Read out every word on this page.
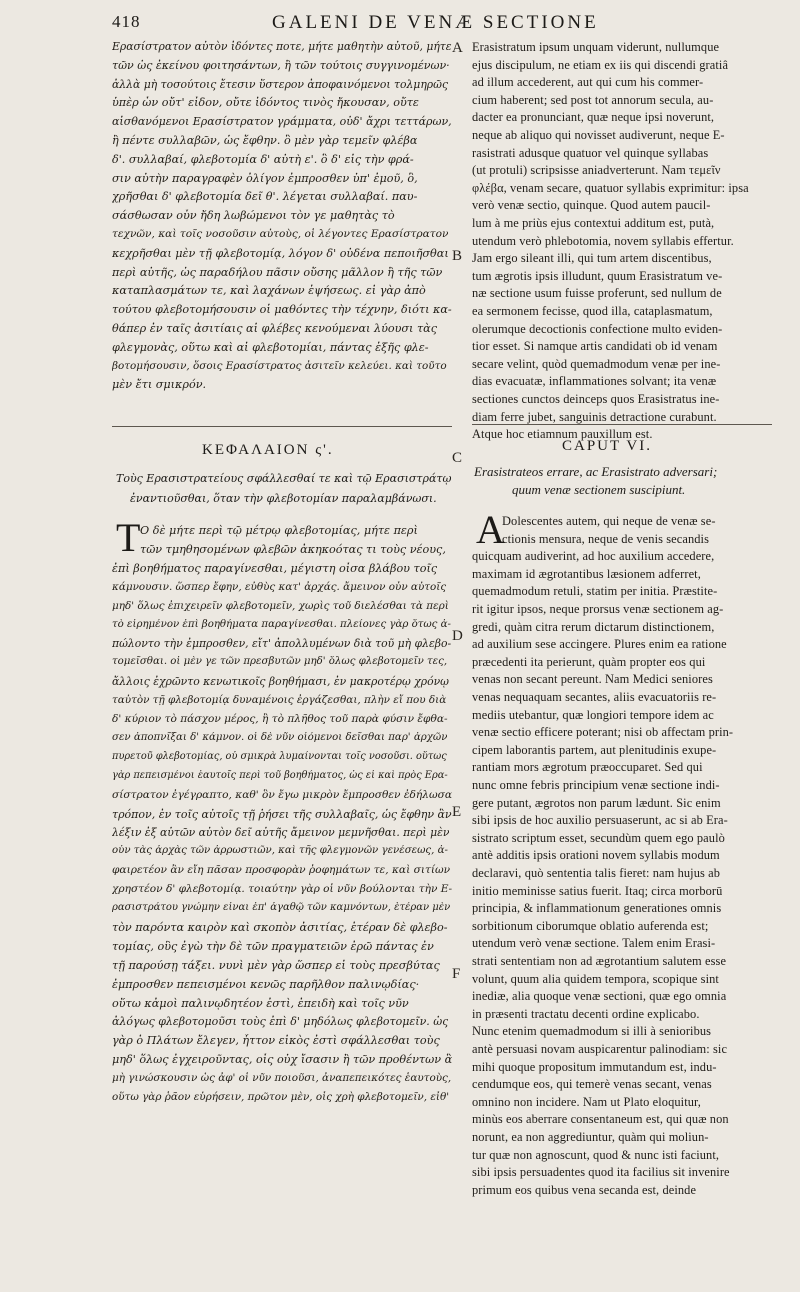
418	GALENI DE VENÆ SECTIONE
Ερασίστρατον αὐτὸν ἰδόντες ποτε, μήτε μαθητὴν αὐτοῦ, μήτε
τῶν ὡς ἐκείνου φοιτησάντων, ἢ τῶν τούτοις συγγινομένων·
ἀλλὰ μὴ τοσούτοις ἔτεσιν ὕστερον ἀποφαινόμενοι τολμηρῶς
ὑπὲρ ὧν οὔτ' εἶδον, οὔτε ἰδόντος τινὸς ἤκουσαν, οὔτε
αἰσθανόμενοι Ερασίστρατον γράμματα, οὐδ' ἄχρι τεττάρων,
ἢ πέντε συλλαβῶν, ὡς ἔφθην. ὃ μὲν γὰρ τεμεῖν φλέβα
δ'. συλλαβαί, φλεβοτομία δ' αὐτὴ ε'. ὃ δ' εἰς τὴν φρά-
σιν αὐτὴν παραγραφὲν ὀλίγον ἐμπροσθεν ὑπ' ἐμοῦ, ὃ,
χρῆσθαι δ' φλεβοτομία δεῖ θ'. λέγεται συλλαβαί. παυ-
σάσθωσαν οὖν ἤδη λωβώμενοι τὸν γε μαθητὰς τὸ
τεχνῶν, καὶ τοῖς νοσοῦσιν αὐτοὺς, οἱ λέγοντες Ερασίστρατον
κεχρῆσθαι μὲν τῇ φλεβοτομίᾳ, λόγον δ' οὐδένα πεποιῆσθαι
περὶ αὐτῆς, ὡς παραδήλου πᾶσιν οὔσης μᾶλλον ἢ τῆς τῶν
καταπλασμάτων τε, καὶ λαχάνων ἑψήσεως. εἰ γὰρ ἀπὸ
τούτου φλεβοτομήσουσιν οἱ μαθόντες τὴν τέχνην, διότι κα-
θάπερ ἐν ταῖς ἀσιτίαις αἱ φλέβες κενούμεναι λύουσι τὰς
φλεγμονὰς, οὕτω καὶ αἱ φλεβοτομίαι, πάντας ἑξῆς φλε-
βοτομήσουσιν, ὅσοις Ερασίστρατος ἀσιτεῖν κελεύει. καὶ τοῦτο
μὲν ἔτι σμικρόν.
ΚΕΦΑΛΑΙΟΝ ς'.
Τοὺς Ερασιστρατείους σφάλλεσθαί τε καὶ τῷ Ερασιστράτῳ
ἐναντιοῦσθαι, ὅταν τὴν φλεβοτομίαν παραλαμβάνωσι.
Τ Ο δὲ μήτε περὶ τῷ μέτρῳ φλεβοτομίας, μήτε περὶ
τῶν τμηθησομένων φλεβῶν ἀκηκοότας τι τοὺς νέους,
ἐπὶ βοηθήματος παραγίνεσθαι, μέγιστη οἶσα βλάβου τοῖς
κάμνουσιν. ὥσπερ ἔφην, εὐθὺς κατ' ἀρχάς. ἄμεινον οὖν αὐτοῖς
μηδ' ὅλως ἐπιχειρεῖν φλεβοτομεῖν, χωρὶς τοῦ διελέσθαι τὰ περὶ
τὸ εἰρημένον ἐπὶ βοηθήματα παραγίνεσθαι. πλείονες γὰρ ὅτως ἀ-
πώλοντο τὴν ἐμπροσθεν, εἴτ' ἀπολλυμένων διὰ τοῦ μὴ φλεβο-
τομεῖσθαι. οἱ μὲν γε τῶν πρεσβυτῶν μηδ' ὅλως φλεβοτομεῖν τες,
ἄλλοις ἐχρῶντο κενωτικοῖς βοηθήμασι, ἐν μακροτέρῳ χρόνῳ
ταὐτὸν τῇ φλεβοτομίᾳ δυναμένοις ἐργάζεσθαι, πλὴν εἴ που διὰ
δ' κύριον τὸ πάσχον μέρος, ἢ τὸ πλῆθος τοῦ παρὰ φύσιν ἔφθα-
σεν ἀποπνῖξαι δ' κάμνον. οἱ δὲ νῦν οἰόμενοι δεῖσθαι παρ' ἀρχῶν
πυρετοῦ φλεβοτομίας, οὐ σμικρὰ λυμαίνονται τοῖς νοσοῦσι. οὕτως
γὰρ πεπεισμένοι ἑαυτοῖς περὶ τοῦ βοηθήματος, ὡς εἰ καὶ πρὸς Ερα-
σίστρατον ἐγέγραπτο, καθ' ὃν ἔγω μικρὸν ἔμπροσθεν ἐδήλωσα
τρόπον, ἐν τοῖς αὐτοῖς τῇ ῥήσει τῆς συλλαβαῖς, ὡς ἔφθην ἂν
λέξιν ἐξ αὐτῶν αὐτὸν δεῖ αὐτῆς ἄμεινον μεμνῆσθαι. περὶ μὲν
οὖν τὰς ἀρχὰς τῶν ἀρρωστιῶν, καὶ τῆς φλεγμονῶν γενέσεως, ἀ-
φαιρετέον ἂν εἴη πᾶσαν προσφορὰν ῥοφημάτων τε, καὶ σιτίων
χρηστέον δ' φλεβοτομίᾳ. τοιαύτην γὰρ οἱ νῦν βούλονται τὴν Ε-
ρασιστράτου γνώμην εἶναι ἐπ' ἀγαθῷ τῶν καμνόντων, ἑτέραν μὲν
τὸν παρόντα καιρὸν καὶ σκοπὸν ἀσιτίας, ἑτέραν δὲ φλεβο-
τομίας, οὓς ἐγὼ τὴν δὲ τῶν πραγματειῶν ἐρῶ πάντας ἐν
τῇ παρούσῃ τάξει. νυνὶ μὲν γὰρ ὥσπερ εἰ τοὺς πρεσβύτας
ἐμπροσθεν πεπεισμένοι κενῶς παρῆλθον παλινῳδίας·
οὕτω κἀμοὶ παλινῳδητέον ἐστὶ, ἐπειδὴ καὶ τοῖς νῦν
ἀλόγως φλεβοτομοῦσι τοὺς ἐπὶ δ' μηδόλως φλεβοτομεῖν. ὡς
γὰρ ὁ Πλάτων ἔλεγεν, ἧττον εἰκὸς ἐστὶ σφάλλεσθαι τοὺς
μηδ' ὅλως ἐγχειροῦντας, οἷς οὐχ ἴσασιν ἢ τῶν προθέντων ἃ
μὴ γινώσκουσιν ὡς ἀφ' οἱ νῦν ποιοῦσι, ἀναπεπεικότες ἑαυτοὺς,
οὕτω γὰρ ῥᾶον εὑρήσειν, πρῶτον μὲν, οἷς χρὴ φλεβοτομεῖν, εἶθ'
A
B
C
D
E
F
Erasistratum ipsum unquam viderunt, nullumque
ejus discipulum, ne etiam ex iis qui discendi gratiâ
ad illum accederent, aut qui cum his commer-
cium haberent; sed post tot annorum secula, au-
dacter ea pronunciant, quæ neque ipsi noverunt,
neque ab aliquo qui novisset audiverunt, neque E-
rasistrati adusque quatuor vel quinque syllabas
(ut protuli) scripsisse aniadverterunt. Nam τεμεῖν
φλέβα, venam secare, quatuor syllabis exprimitur: ipsa
verò venæ sectio, quinque. Quod autem paucil-
lum à me priùs ejus contextui additum est, putà,
utendum verò phlebotomia, novem syllabis effertur.
Jam ergo sileant illi, qui tum artem discentibus,
tum ægrotis ipsis illudunt, quum Erasistratum ve-
næ sectione usum fuisse proferunt, sed nullum de
ea sermonem fecisse, quod illa, cataplasmatum,
olerumque decoctionis confectione multo eviden-
tior esset. Si namque artis candidati ob id venam
secare velint, quòd quemadmodum venæ per ine-
dias evacuatæ, inflammationes solvant; ita venæ
sectiones cunctos deinceps quos Erasistratus ine-
diam ferre jubet, sanguinis detractione curabunt.
Atque hoc etiamnum pauxillum est.
CAPUT VI.
Erasistrateos errare, ac Erasistrato adversari;
quum venæ sectionem suscipiunt.
A
Dolescentes autem, qui neque de venæ se-
ctionis mensura, neque de venis secandis
quicquam audiverint, ad hoc auxilium accedere,
maximam id ægrotantibus læsionem adferret,
quemadmodum retuli, statim per initia. Præstite-
rit igitur ipsos, neque prorsus venæ sectionem ag-
gredi, quàm citra rerum dictarum distinctionem,
ad auxilium sese accingere. Plures enim ea ratione
præcedenti ita perierunt, quàm propter eos qui
venas non secant pereunt. Nam Medici seniores
venas nequaquam secantes, aliis evacuatoriis re-
mediis utebantur, quæ longiori tempore idem ac
venæ sectio efficere poterant; nisi ob affectam prin-
cipem laborantis partem, aut plenitudinis exupe-
rantiam mors ægrotum præoccuparet. Sed qui
nunc omne febris principium venæ sectione indi-
gere putant, ægrotos non parum lædunt. Sic enim
sibi ipsis de hoc auxilio persuaserunt, ac si ab Era-
sistrato scriptum esset, secundùm quem ego paulò
antè additis ipsis orationi novem syllabis modum
declaravi, quò sententia talis fieret: nam hujus ab
initio meminisse satius fuerit. Itaq; circa morborū
principia, & inflammationum generationes omnis
sorbitionum ciborumque oblatio auferenda est;
utendum verò venæ sectione. Talem enim Erasi-
strati sententiam non ad ægrotantium salutem esse
volunt, quum alia quidem tempora, scopique sint
inediæ, alia quoque venæ sectioni, quæ ego omnia
in præsenti tractatu decenti ordine explicabo.
Nunc etenim quemadmodum si illi à senioribus
antè persuasi novam auspicarentur palinodiam: sic
mihi quoque propositum immutandum est, indu-
cendumque eos, qui temerè venas secant, venas
omnino non incidere. Nam ut Plato eloquitur,
minùs eos aberrare consentaneum est, qui quæ non
norunt, ea non aggrediuntur, quàm qui moliun-
tur quæ non agnoscunt, quod & nunc isti faciunt,
sibi ipsis persuadentes quod ita facilius sit invenire
primum eos quibus vena secanda est, deinde
